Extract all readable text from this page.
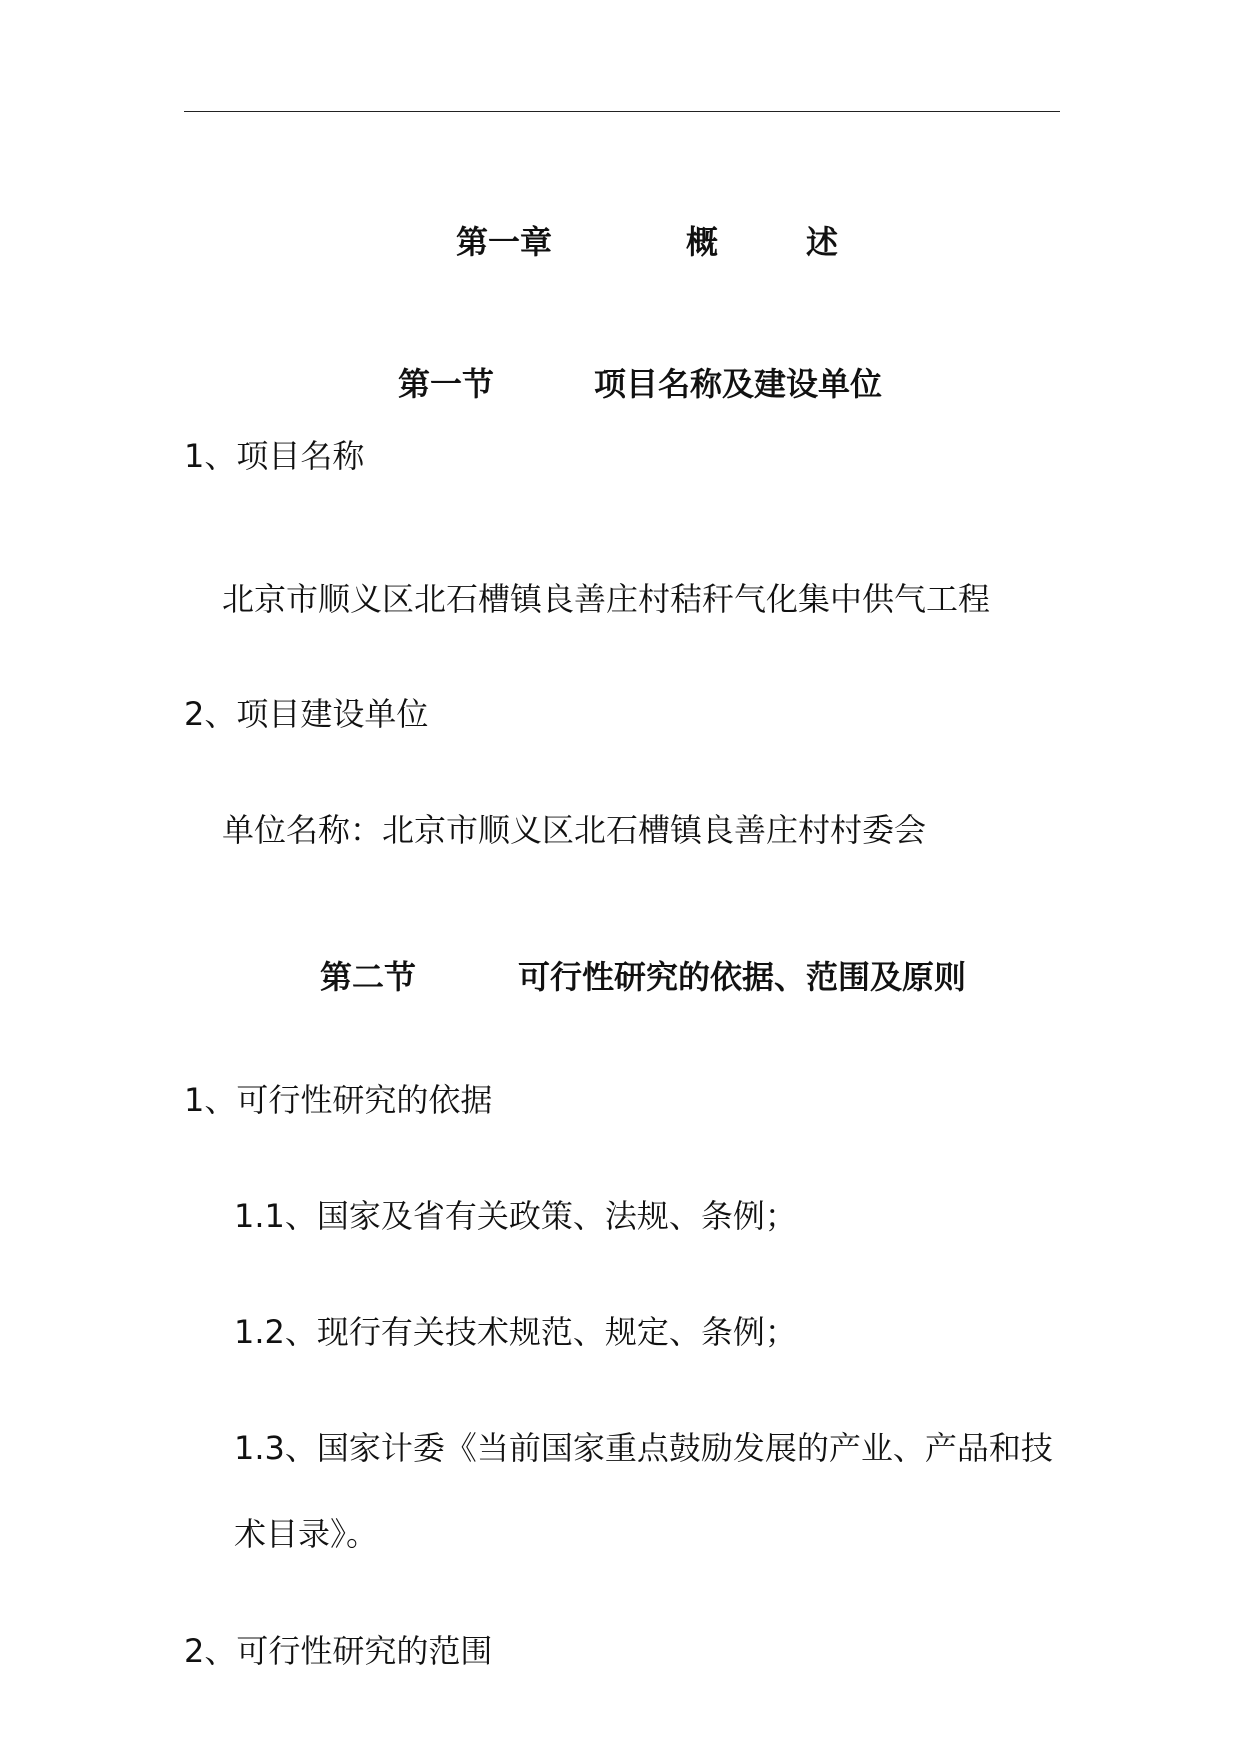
第一章	概	述
第一节	项目名称及建设单位
1、项目名称
北京市顺义区北石槽镇良善庄村秸秆气化集中供气工程
2、项目建设单位
单位名称：北京市顺义区北石槽镇良善庄村村委会
第二节	可行性研究的依据、范围及原则
1、可行性研究的依据
1.1、国家及省有关政策、法规、条例；
1.2、现行有关技术规范、规定、条例；
1.3、国家计委《当前国家重点鼓励发展的产业、产品和技
术目录》。
2、可行性研究的范围
